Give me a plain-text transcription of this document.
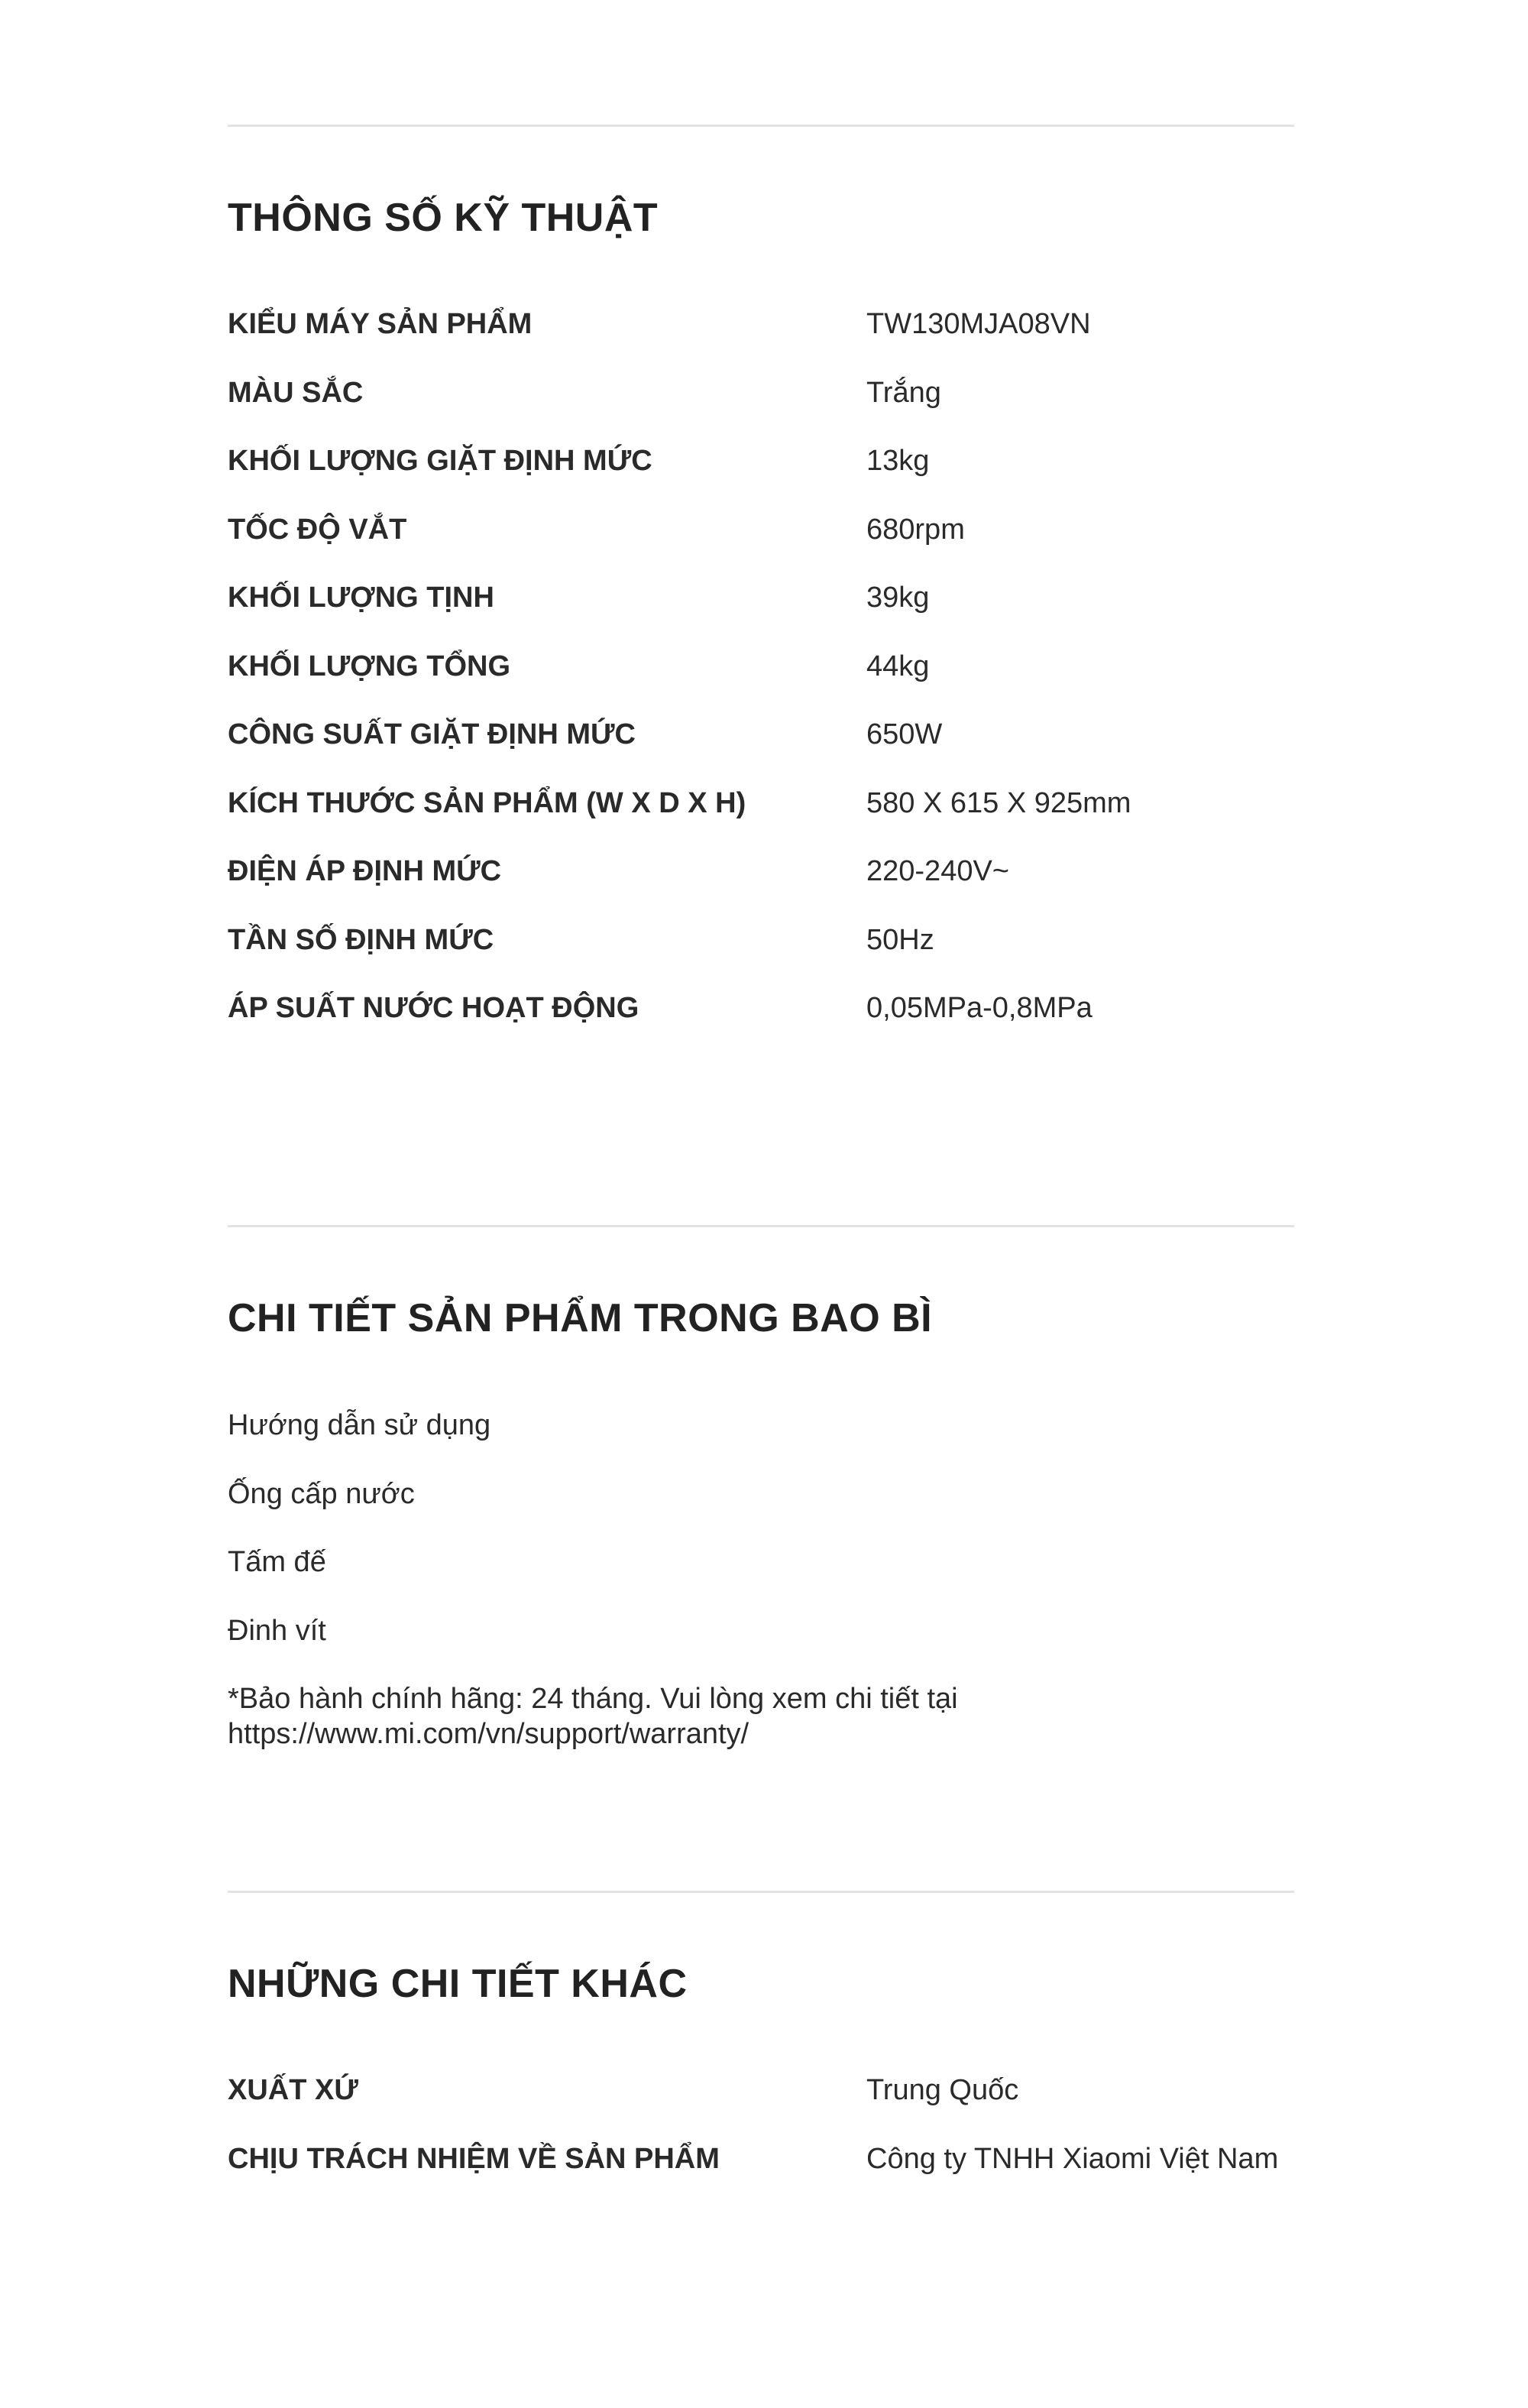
THÔNG SỐ KỸ THUẬT
KIỂU MÁY SẢN PHẨM	TW130MJA08VN
MÀU SẮC	Trắng
KHỐI LƯỢNG GIẶT ĐỊNH MỨC	13kg
TỐC ĐỘ VẮT	680rpm
KHỐI LƯỢNG TỊNH	39kg
KHỐI LƯỢNG TỔNG	44kg
CÔNG SUẤT GIẶT ĐỊNH MỨC	650W
KÍCH THƯỚC SẢN PHẨM (W X D X H)	580 X 615 X 925mm
ĐIỆN ÁP ĐỊNH MỨC	220-240V~
TẦN SỐ ĐỊNH MỨC	50Hz
ÁP SUẤT NƯỚC HOẠT ĐỘNG	0,05MPa-0,8MPa
CHI TIẾT SẢN PHẨM TRONG BAO BÌ
Hướng dẫn sử dụng
Ống cấp nước
Tấm đế
Đinh vít
*Bảo hành chính hãng: 24 tháng. Vui lòng xem chi tiết tại
https://www.mi.com/vn/support/warranty/
NHỮNG CHI TIẾT KHÁC
XUẤT XỨ	Trung Quốc
CHỊU TRÁCH NHIỆM VỀ SẢN PHẨM	Công ty TNHH Xiaomi Việt Nam
